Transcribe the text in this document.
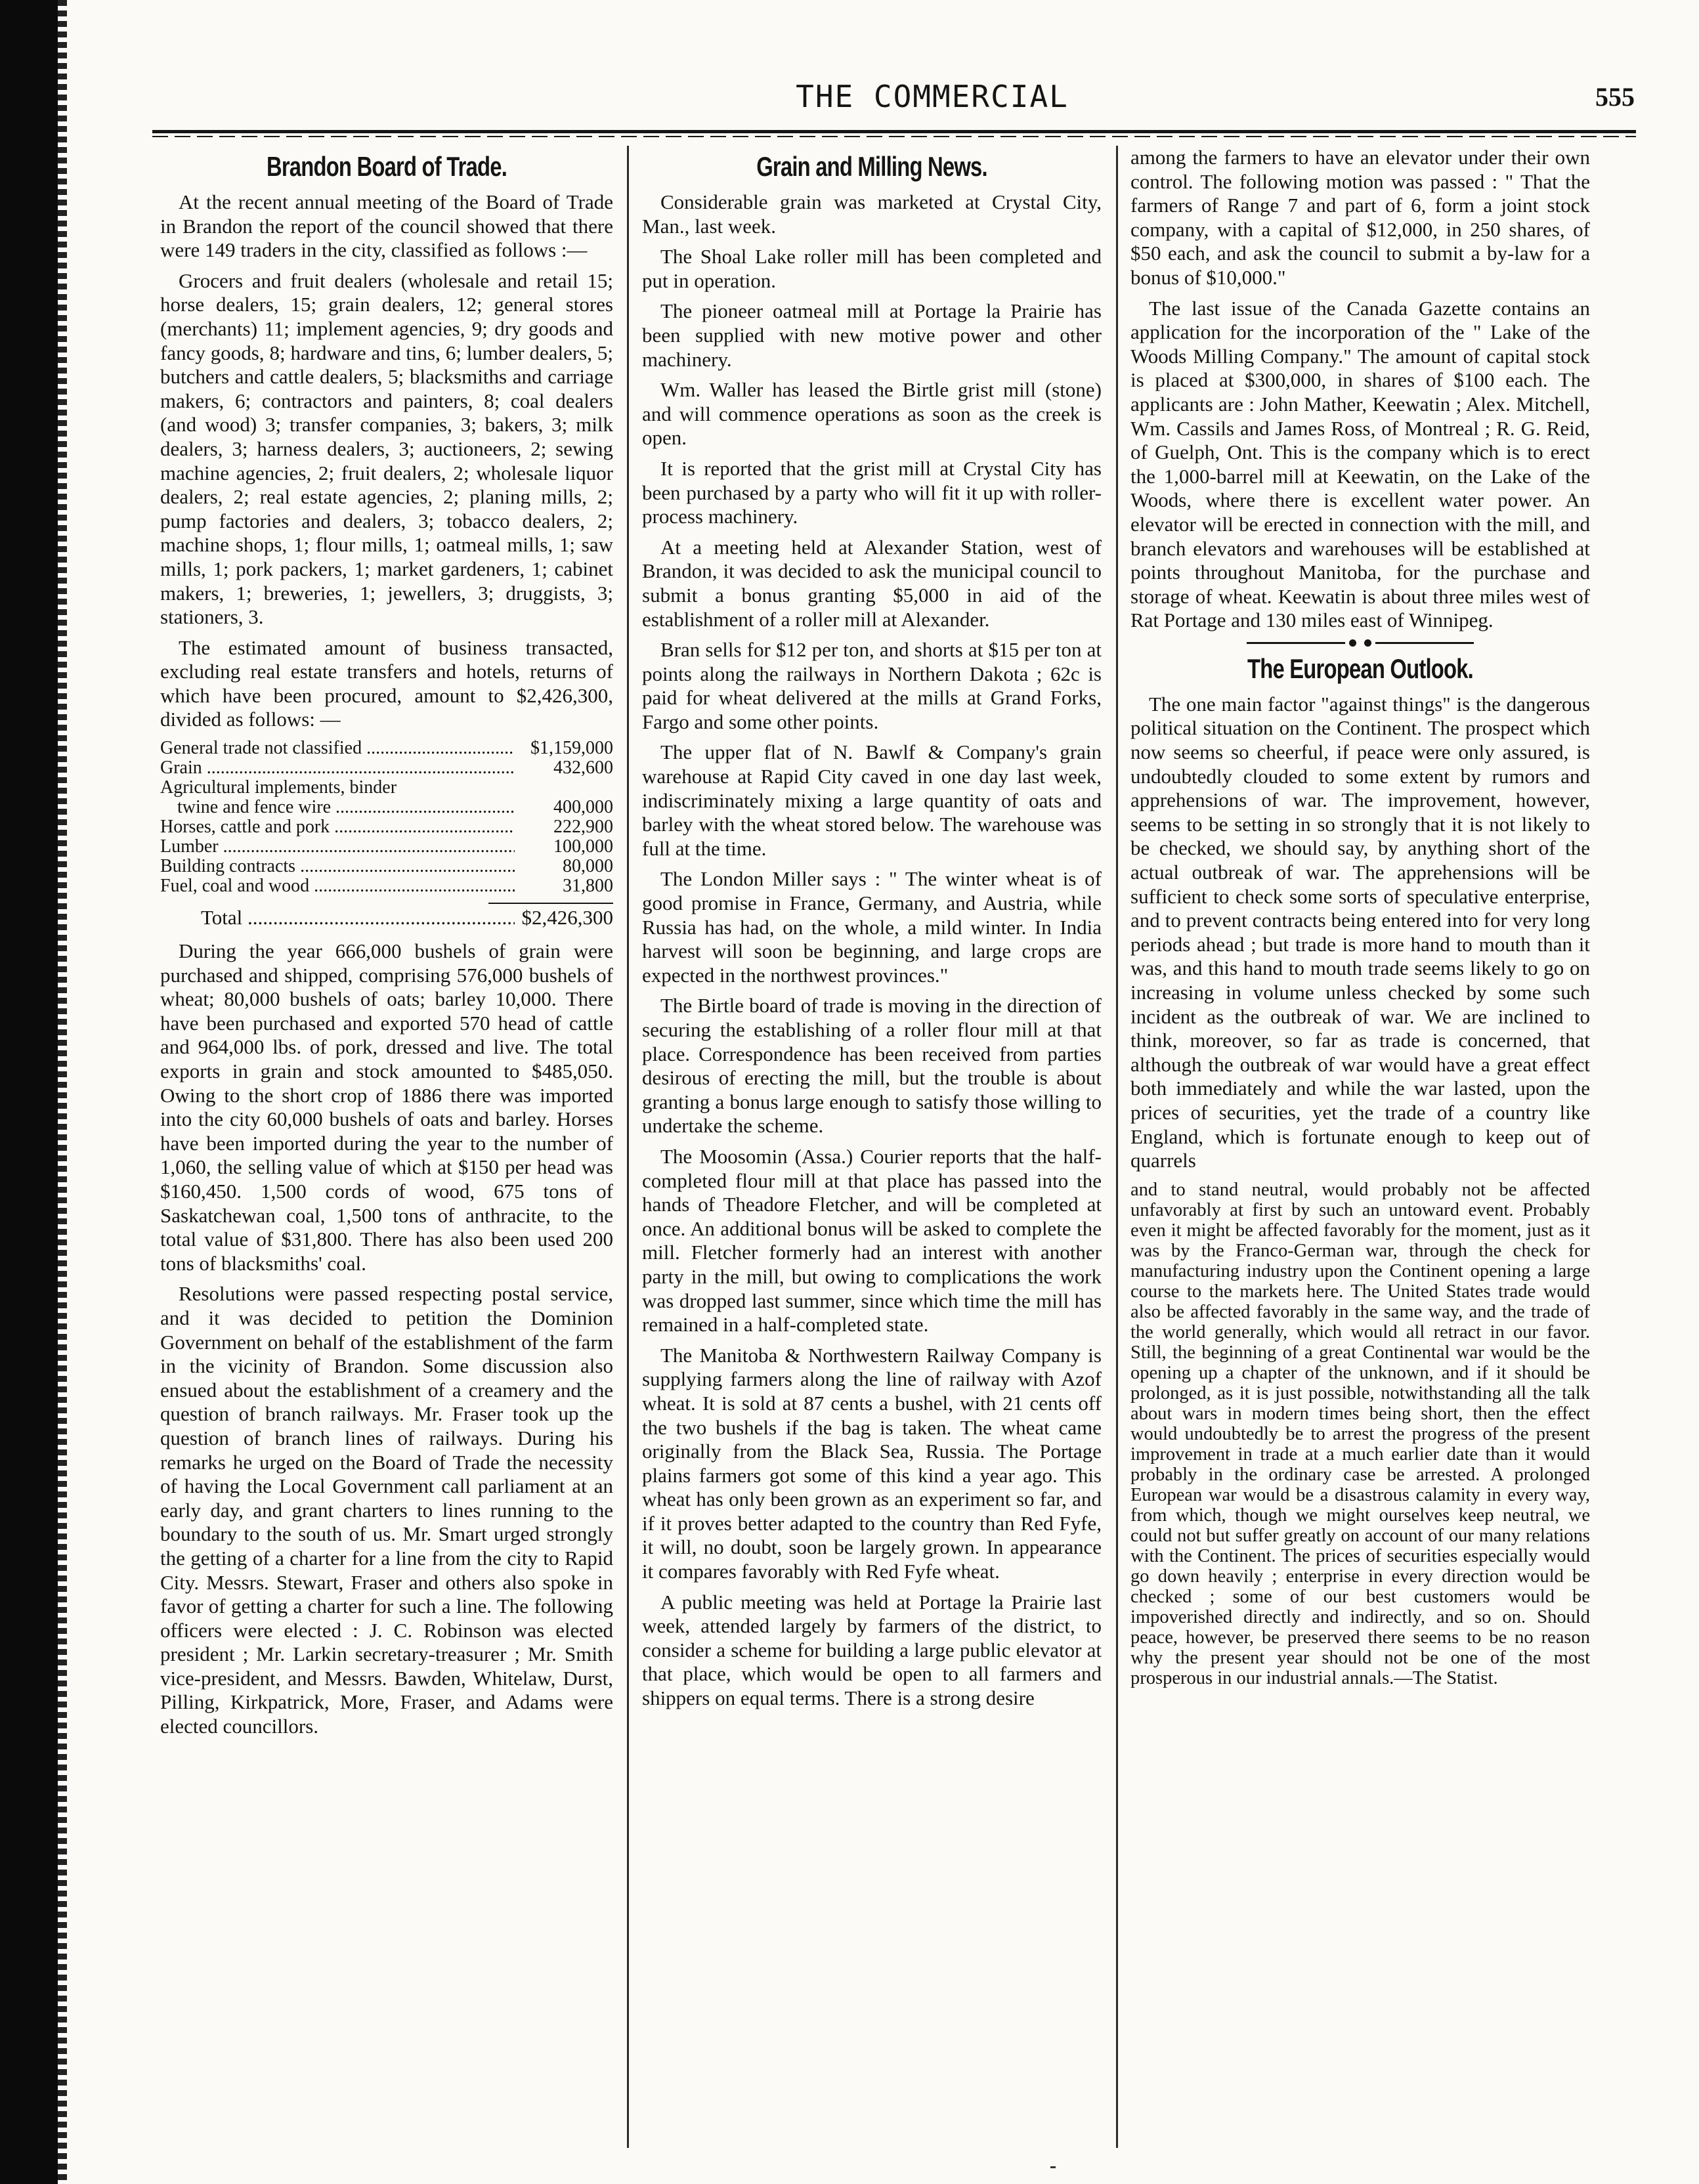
THE COMMERCIAL	555
Brandon Board of Trade.

At the recent annual meeting of the Board of Trade in Brandon the report of the council showed that there were 149 traders in the city, classified as follows :—

Grocers and fruit dealers (wholesale and retail 15; horse dealers, 15; grain dealers, 12; general stores (merchants) 11; implement agencies, 9; dry goods and fancy goods, 8; hardware and tins, 6; lumber dealers, 5; butchers and cattle dealers, 5; blacksmiths and carriage makers, 6; contractors and painters, 8; coal dealers (and wood) 3; transfer companies, 3; bakers, 3; milk dealers, 3; harness dealers, 3; auctioneers, 2; sewing machine agencies, 2; fruit dealers, 2; wholesale liquor dealers, 2; real estate agencies, 2; planing mills, 2; pump factories and dealers, 3; tobacco dealers, 2; machine shops, 1; flour mills, 1; oatmeal mills, 1; saw mills, 1; pork packers, 1; market gardeners, 1; cabinet makers, 1; breweries, 1; jewellers, 3; druggists, 3; stationers, 3.

The estimated amount of business transacted, excluding real estate transfers and hotels, returns of which have been procured, amount to $2,426,300, divided as follows: —

General trade not classified .....	$1,159,000
Grain .....	432,600
Agricultural implements, binder
twine and fence wire .....	400,000
Horses, cattle and pork .....	222,900
Lumber .....	100,000
Building contracts .....	80,000
Fuel, coal and wood .....	31,800
Total .....	$2,426,300

During the year 666,000 bushels of grain were purchased and shipped, comprising 576,000 bushels of wheat; 80,000 bushels of oats; barley 10,000. There have been purchased and exported 570 head of cattle and 964,000 lbs. of pork, dressed and live. The total exports in grain and stock amounted to $485,050. Owing to the short crop of 1886 there was imported into the city 60,000 bushels of oats and barley. Horses have been imported during the year to the number of 1,060, the selling value of which at $150 per head was $160,450. 1,500 cords of wood, 675 tons of Saskatchewan coal, 1,500 tons of anthracite, to the total value of $31,800. There has also been used 200 tons of blacksmiths' coal.

Resolutions were passed respecting postal service, and it was decided to petition the Dominion Government on behalf of the establishment of the farm in the vicinity of Brandon. Some discussion also ensued about the establishment of a creamery and the question of branch railways. Mr. Fraser took up the question of branch lines of railways. During his remarks he urged on the Board of Trade the necessity of having the Local Government call parliament at an early day, and grant charters to lines running to the boundary to the south of us. Mr. Smart urged strongly the getting of a charter for a line from the city to Rapid City. Messrs. Stewart, Fraser and others also spoke in favor of getting a charter for such a line. The following officers were elected : J. C. Robinson was elected president ; Mr. Larkin secretary-treasurer ; Mr. Smith vice-president, and Messrs. Bawden, Whitelaw, Durst, Pilling, Kirkpatrick, More, Fraser, and Adams were elected councillors.

Grain and Milling News.

Considerable grain was marketed at Crystal City, Man., last week.

The Shoal Lake roller mill has been completed and put in operation.

The pioneer oatmeal mill at Portage la Prairie has been supplied with new motive power and other machinery.

Wm. Waller has leased the Birtle grist mill (stone) and will commence operations as soon as the creek is open.

It is reported that the grist mill at Crystal City has been purchased by a party who will fit it up with roller-process machinery.

At a meeting held at Alexander Station, west of Brandon, it was decided to ask the municipal council to submit a bonus granting $5,000 in aid of the establishment of a roller mill at Alexander.

Bran sells for $12 per ton, and shorts at $15 per ton at points along the railways in Northern Dakota ; 62c is paid for wheat delivered at the mills at Grand Forks, Fargo and some other points.

The upper flat of N. Bawlf & Company's grain warehouse at Rapid City caved in one day last week, indiscriminately mixing a large quantity of oats and barley with the wheat stored below. The warehouse was full at the time.

The London Miller says : " The winter wheat is of good promise in France, Germany, and Austria, while Russia has had, on the whole, a mild winter. In India harvest will soon be beginning, and large crops are expected in the northwest provinces."

The Birtle board of trade is moving in the direction of securing the establishing of a roller flour mill at that place. Correspondence has been received from parties desirous of erecting the mill, but the trouble is about granting a bonus large enough to satisfy those willing to undertake the scheme.

The Moosomin (Assa.) Courier reports that the half-completed flour mill at that place has passed into the hands of Theadore Fletcher, and will be completed at once. An additional bonus will be asked to complete the mill. Fletcher formerly had an interest with another party in the mill, but owing to complications the work was dropped last summer, since which time the mill has remained in a half-completed state.

The Manitoba & Northwestern Railway Company is supplying farmers along the line of railway with Azof wheat. It is sold at 87 cents a bushel, with 21 cents off the two bushels if the bag is taken. The wheat came originally from the Black Sea, Russia. The Portage plains farmers got some of this kind a year ago. This wheat has only been grown as an experiment so far, and if it proves better adapted to the country than Red Fyfe, it will, no doubt, soon be largely grown. In appearance it compares favorably with Red Fyfe wheat.

A public meeting was held at Portage la Prairie last week, attended largely by farmers of the district, to consider a scheme for building a large public elevator at that place, which would be open to all farmers and shippers on equal terms. There is a strong desire

among the farmers to have an elevator under their own control. The following motion was passed : " That the farmers of Range 7 and part of 6, form a joint stock company, with a capital of $12,000, in 250 shares, of $50 each, and ask the council to submit a by-law for a bonus of $10,000."

The last issue of the Canada Gazette contains an application for the incorporation of the " Lake of the Woods Milling Company." The amount of capital stock is placed at $300,000, in shares of $100 each. The applicants are : John Mather, Keewatin ; Alex. Mitchell, Wm. Cassils and James Ross, of Montreal ; R. G. Reid, of Guelph, Ont. This is the company which is to erect the 1,000-barrel mill at Keewatin, on the Lake of the Woods, where there is excellent water power. An elevator will be erected in connection with the mill, and branch elevators and warehouses will be established at points throughout Manitoba, for the purchase and storage of wheat. Keewatin is about three miles west of Rat Portage and 130 miles east of Winnipeg.

The European Outlook.

The one main factor "against things" is the dangerous political situation on the Continent. The prospect which now seems so cheerful, if peace were only assured, is undoubtedly clouded to some extent by rumors and apprehensions of war. The improvement, however, seems to be setting in so strongly that it is not likely to be checked, we should say, by anything short of the actual outbreak of war. The apprehensions will be sufficient to check some sorts of speculative enterprise, and to prevent contracts being entered into for very long periods ahead ; but trade is more hand to mouth than it was, and this hand to mouth trade seems likely to go on increasing in volume unless checked by some such incident as the outbreak of war. We are inclined to think, moreover, so far as trade is concerned, that although the outbreak of war would have a great effect both immediately and while the war lasted, upon the prices of securities, yet the trade of a country like England, which is fortunate enough to keep out of quarrels

and to stand neutral, would probably not be affected unfavorably at first by such an untoward event. Probably even it might be affected favorably for the moment, just as it was by the Franco-German war, through the check for manufacturing industry upon the Continent opening a large course to the markets here. The United States trade would also be affected favorably in the same way, and the trade of the world generally, which would all retract in our favor. Still, the beginning of a great Continental war would be the opening up a chapter of the unknown, and if it should be prolonged, as it is just possible, notwithstanding all the talk about wars in modern times being short, then the effect would undoubtedly be to arrest the progress of the present improvement in trade at a much earlier date than it would probably in the ordinary case be arrested. A prolonged European war would be a disastrous calamity in every way, from which, though we might ourselves keep neutral, we could not but suffer greatly on account of our many relations with the Continent. The prices of securities especially would go down heavily ; enterprise in every direction would be checked ; some of our best customers would be impoverished directly and indirectly, and so on. Should peace, however, be preserved there seems to be no reason why the present year should not be one of the most prosperous in our industrial annals.—The Statist.
